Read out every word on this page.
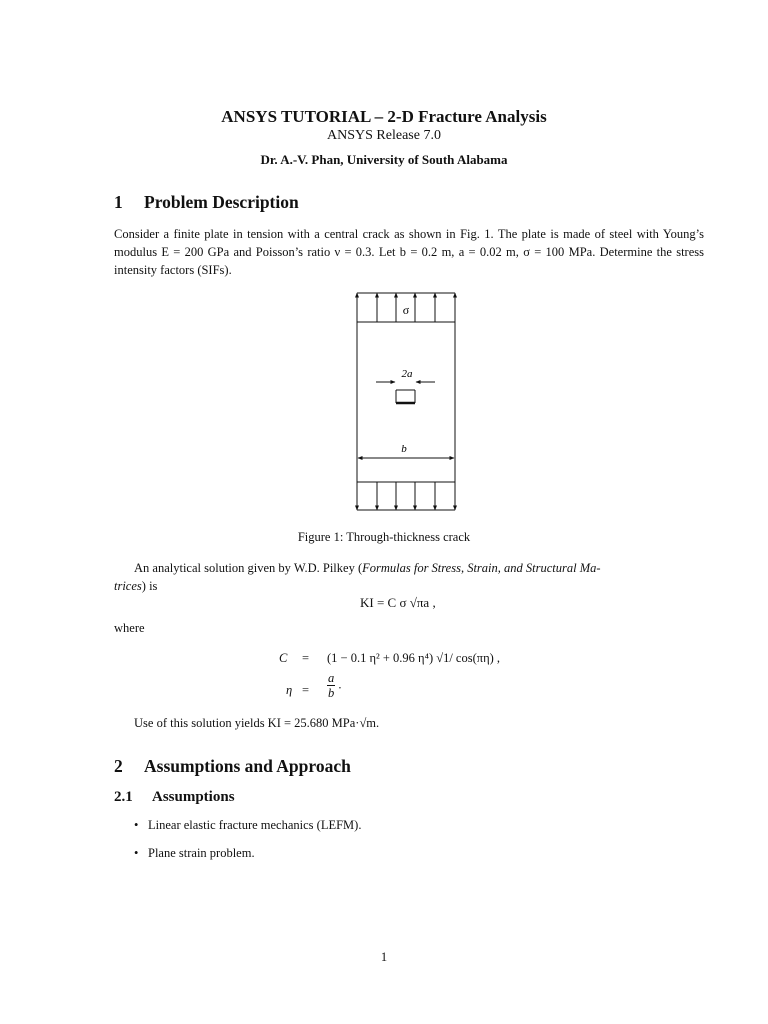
ANSYS TUTORIAL – 2-D Fracture Analysis
ANSYS Release 7.0
Dr. A.-V. Phan, University of South Alabama
1 Problem Description
Consider a finite plate in tension with a central crack as shown in Fig. 1. The plate is made of steel with Young’s modulus E = 200 GPa and Poisson’s ratio ν = 0.3. Let b = 0.2 m, a = 0.02 m, σ = 100 MPa. Determine the stress intensity factors (SIFs).
σ
2a
b
Figure 1: Through-thickness crack
An analytical solution given by W.D. Pilkey (Formulas for Stress, Strain, and Structural Ma-
trices) is
KI = C σ √πa ,
where
C = (1 − 0.1 η² + 0.96 η⁴) √1/ cos(πη) ,
$\eta = \frac{a}{b}$ .
Use of this solution yields KI = 25.680 MPa·√m.
2 Assumptions and Approach
2.1 Assumptions
• Linear elastic fracture mechanics (LEFM).
• Plane strain problem.
1
